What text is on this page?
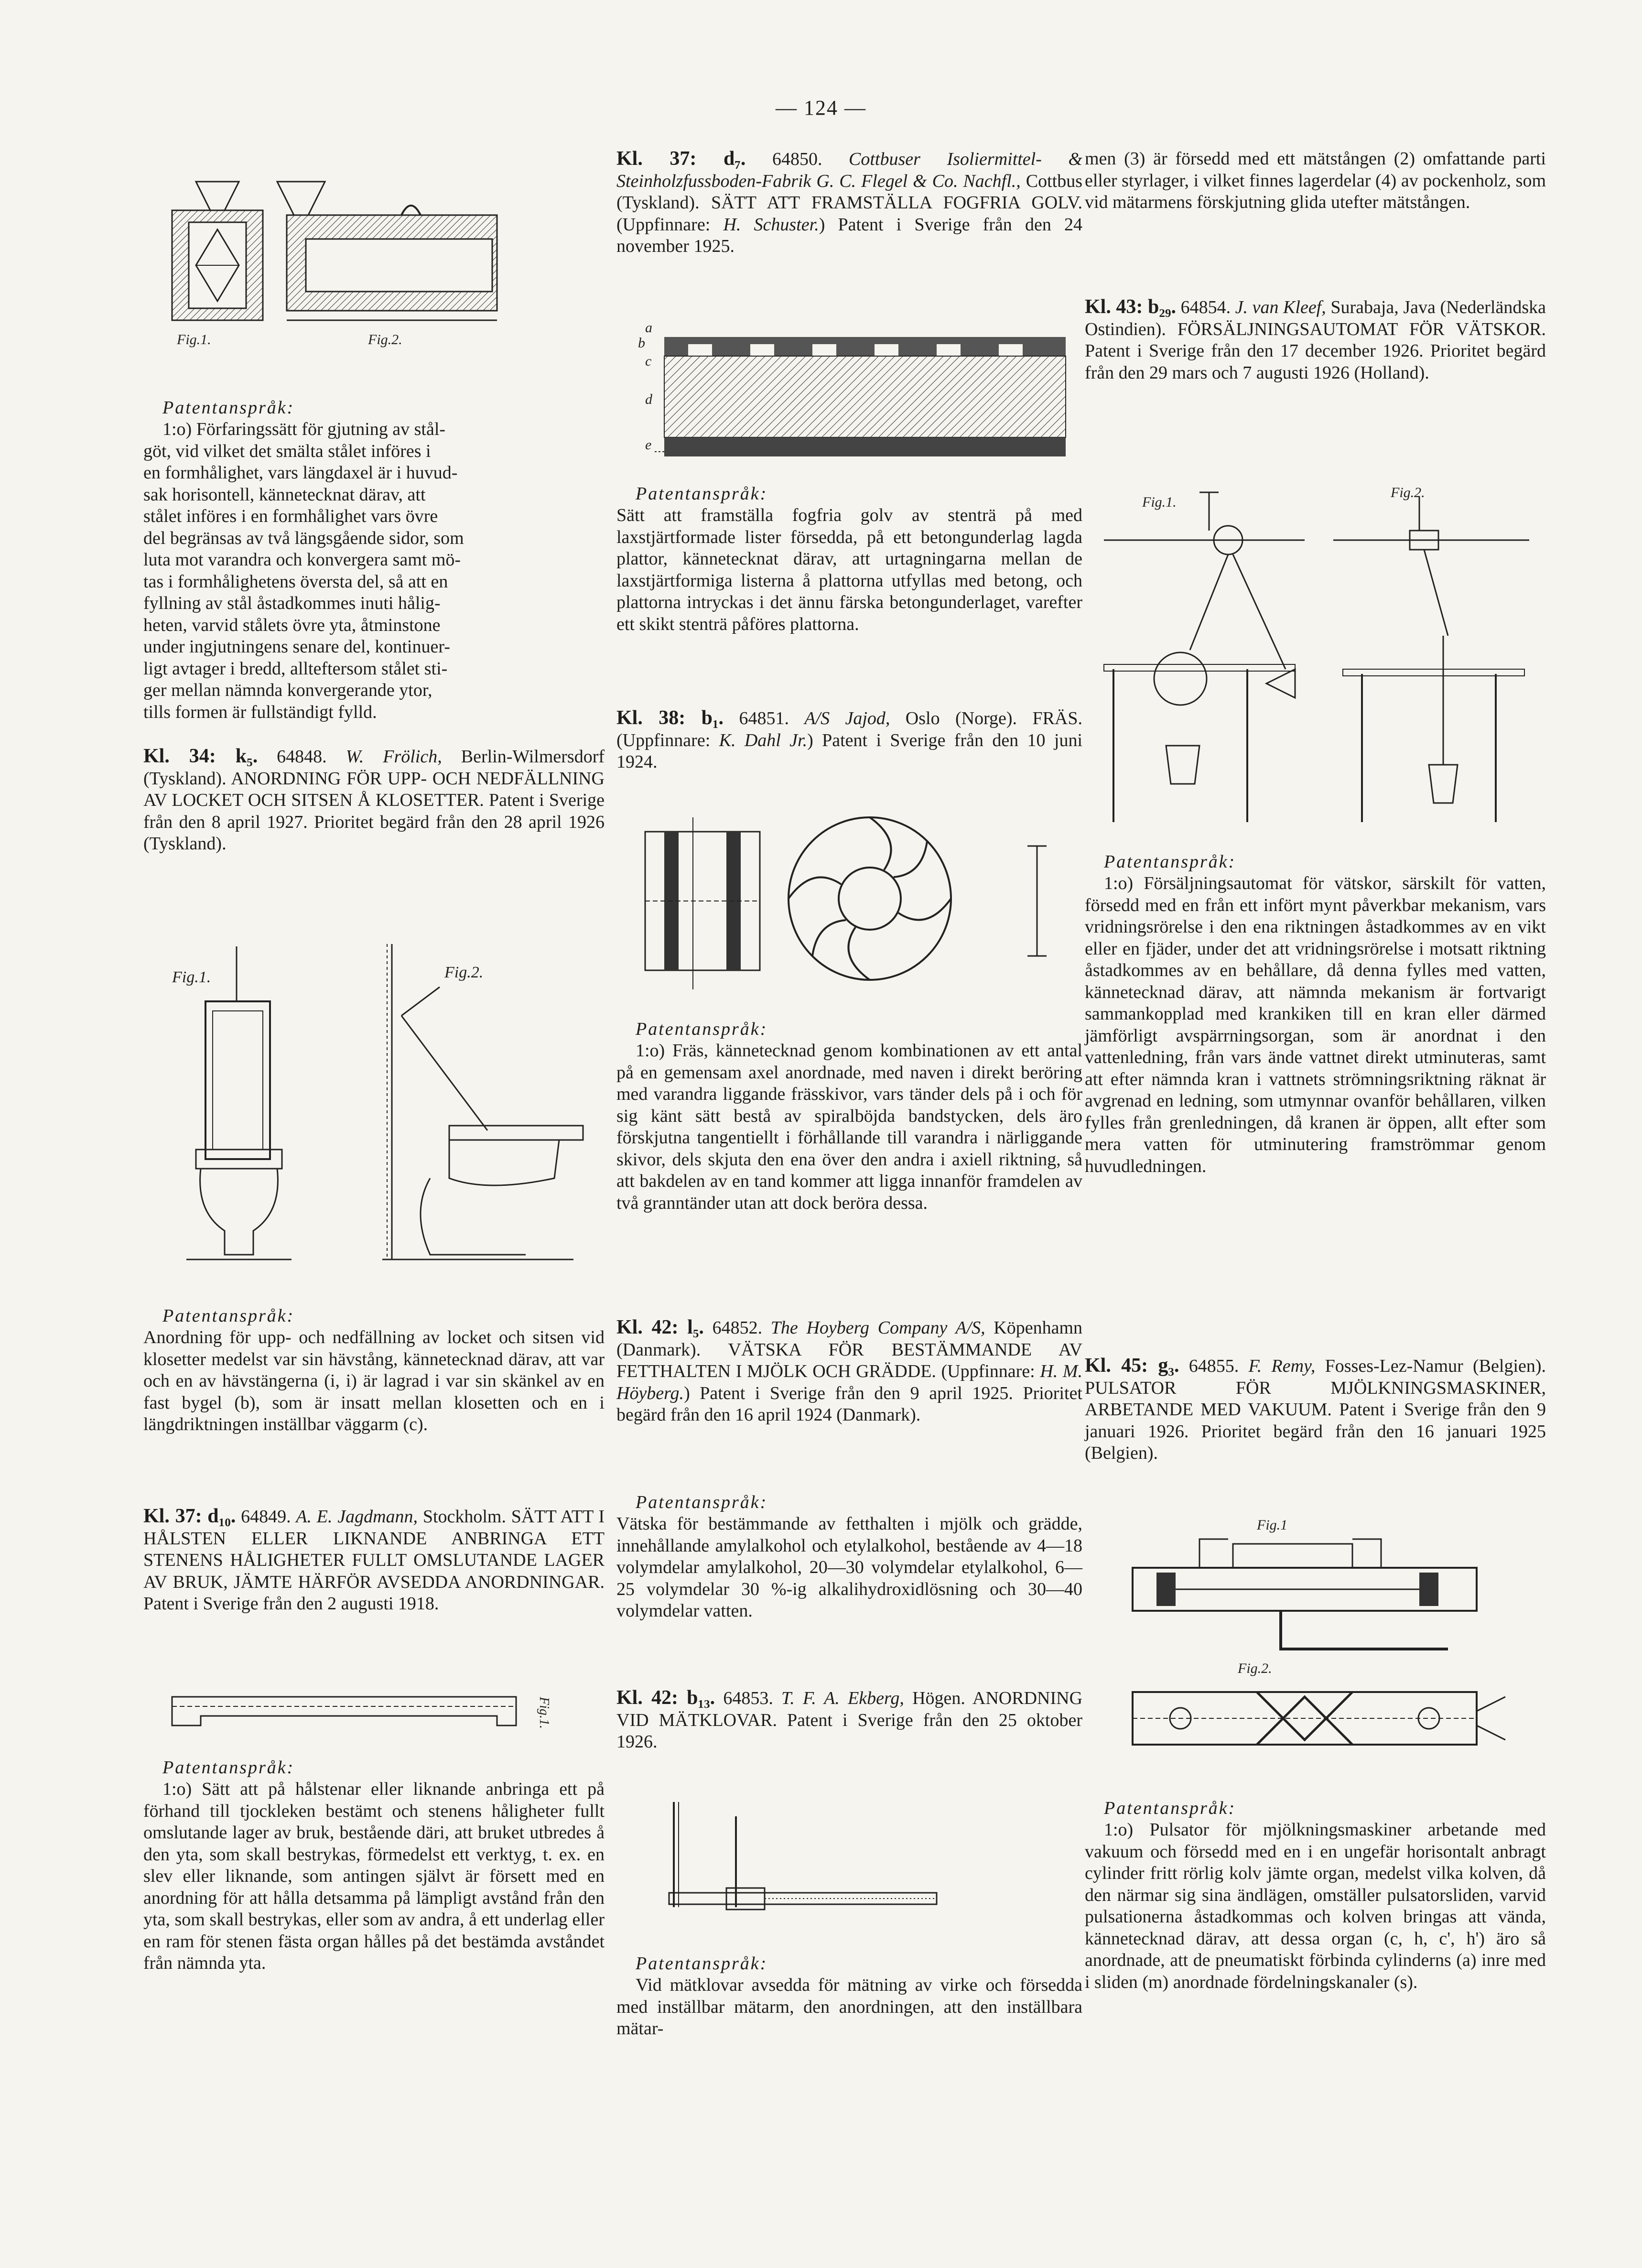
— 124 —
Fig.1.	Fig.2.

Patentanspråk:

1:o) Förfaringssätt för gjutning av stål-

göt, vid vilket det smälta stålet införes i

en formhålighet, vars längdaxel är i huvud-

sak horisontell, kännetecknat därav, att

stålet införes i en formhålighet vars övre

del begränsas av två längsgående sidor, som

luta mot varandra och konvergera samt mö-

tas i formhålighetens översta del, så att en

fyllning av stål åstadkommes inuti hålig-

heten, varvid stålets övre yta, åtminstone

under ingjutningens senare del, kontinuer-

ligt avtager i bredd, allteftersom stålet sti-

ger mellan nämnda konvergerande ytor,

tills formen är fullständigt fylld.

Kl. 34: k₅. 64848. W. Frölich, Berlin-Wilmersdorf (Tyskland). ANORDNING FÖR UPP- OCH NEDFÄLLNING AV LOCKET OCH SITSEN Å KLOSETTER. Patent i Sverige från den 8 april 1927. Prioritet begärd från den 28 april 1926 (Tyskland).

Fig.1.	Fig.2.

Patentanspråk:

Anordning för upp- och nedfällning av locket och sitsen vid klosetter medelst var sin hävstång, kännetecknad därav, att var och en av hävstängerna (i, i) är lagrad i var sin skänkel av en fast bygel (b), som är insatt mellan klosetten och en i längdriktningen inställbar väggarm (c).

Kl. 37: d₁₀. 64849. A. E. Jagdmann, Stockholm. SÄTT ATT I HÅLSTEN ELLER LIKNANDE ANBRINGA ETT STENENS HÅLIGHETER FULLT OMSLUTANDE LAGER AV BRUK, JÄMTE HÄRFÖR AVSEDDA ANORDNINGAR. Patent i Sverige från den 2 augusti 1918.

Fig.1.

Patentanspråk:

1:o) Sätt att på hålstenar eller liknande anbringa ett på förhand till tjockleken bestämt och stenens håligheter fullt omslutande lager av bruk, bestående däri, att bruket utbredes å den yta, som skall bestrykas, förmedelst ett verktyg, t. ex. en slev eller liknande, som antingen självt är försett med en anordning för att hålla detsamma på lämpligt avstånd från den yta, som skall bestrykas, eller som av andra, å ett underlag eller en ram för stenen fästa organ hålles på det bestämda avståndet från nämnda yta.

Kl. 37: d₇. 64850. Cottbuser Isoliermittel- & Steinholzfussboden-Fabrik G. C. Flegel & Co. Nachfl., Cottbus (Tyskland). SÄTT ATT FRAMSTÄLLA FOGFRIA GOLV. (Uppfinnare: H. Schuster.) Patent i Sverige från den 24 november 1925.

a
b
c
d
e

Patentanspråk:

Sätt att framställa fogfria golv av stenträ på med laxstjärtformade lister försedda, på ett betongunderlag lagda plattor, kännetecknat därav, att urtagningarna mellan de laxstjärtformiga listerna å plattorna utfyllas med betong, och plattorna intryckas i det ännu färska betongunderlaget, varefter ett skikt stenträ påföres plattorna.

Kl. 38: b₁. 64851. A/S Jajod, Oslo (Norge). FRÄS. (Uppfinnare: K. Dahl Jr.) Patent i Sverige från den 10 juni 1924.

Patentanspråk:

1:o) Fräs, kännetecknad genom kombinationen av ett antal på en gemensam axel anordnade, med naven i direkt beröring med varandra liggande frässkivor, vars tänder dels på i och för sig känt sätt bestå av spiralböjda bandstycken, dels äro förskjutna tangentiellt i förhållande till varandra i närliggande skivor, dels skjuta den ena över den andra i axiell riktning, så att bakdelen av en tand kommer att ligga innanför framdelen av två granntänder utan att dock beröra dessa.

Kl. 42: l₅. 64852. The Hoyberg Company A/S, Köpenhamn (Danmark). VÄTSKA FÖR BESTÄMMANDE AV FETTHALTEN I MJÖLK OCH GRÄDDE. (Uppfinnare: H. M. Höyberg.) Patent i Sverige från den 9 april 1925. Prioritet begärd från den 16 april 1924 (Danmark).

Patentanspråk:

Vätska för bestämmande av fetthalten i mjölk och grädde, innehållande amylalkohol och etylalkohol, bestående av 4—18 volymdelar amylalkohol, 20—30 volymdelar etylalkohol, 6—25 volymdelar 30 %-ig alkalihydroxidlösning och 30—40 volymdelar vatten.

Kl. 42: b₁₃. 64853. T. F. A. Ekberg, Högen. ANORDNING VID MÄTKLOVAR. Patent i Sverige från den 25 oktober 1926.

Patentanspråk:

Vid mätklovar avsedda för mätning av virke och försedda med inställbar mätarm, den anordningen, att den inställbara mätar-

men (3) är försedd med ett mätstången (2) omfattande parti eller styrlager, i vilket finnes lagerdelar (4) av pockenholz, som vid mätarmens förskjutning glida utefter mätstången.

Kl. 43: b₂₉. 64854. J. van Kleef, Surabaja, Java (Nederländska Ostindien). FÖRSÄLJNINGSAUTOMAT FÖR VÄTSKOR. Patent i Sverige från den 17 december 1926. Prioritet begärd från den 29 mars och 7 augusti 1926 (Holland).

Fig.1.
Fig.2.

Patentanspråk:

1:o) Försäljningsautomat för vätskor, särskilt för vatten, försedd med en från ett infört mynt påverkbar mekanism, vars vridningsrörelse i den ena riktningen åstadkommes av en vikt eller en fjäder, under det att vridningsrörelse i motsatt riktning åstadkommes av en behållare, då denna fylles med vatten, kännetecknad därav, att nämnda mekanism är fortvarigt sammankopplad med krankiken till en kran eller därmed jämförligt avspärrningsorgan, som är anordnat i den vattenledning, från vars ände vattnet direkt utminuteras, samt att efter nämnda kran i vattnets strömningsriktning räknat är avgrenad en ledning, som utmynnar ovanför behållaren, vilken fylles från grenledningen, då kranen är öppen, allt efter som mera vatten för utminutering framströmmar genom huvudledningen.

Kl. 45: g₃. 64855. F. Remy, Fosses-Lez-Namur (Belgien). PULSATOR FÖR MJÖLKNINGSMASKINER, ARBETANDE MED VAKUUM. Patent i Sverige från den 9 januari 1926. Prioritet begärd från den 16 januari 1925 (Belgien).

Fig.1
Fig.2.

Patentanspråk:

1:o) Pulsator för mjölkningsmaskiner arbetande med vakuum och försedd med en i en ungefär horisontalt anbragt cylinder fritt rörlig kolv jämte organ, medelst vilka kolven, då den närmar sig sina ändlägen, omställer pulsatorsliden, varvid pulsationerna åstadkommas och kolven bringas att vända, kännetecknad därav, att dessa organ (c, h, c', h') äro så anordnade, att de pneumatiskt förbinda cylinderns (a) inre med i sliden (m) anordnade fördelningskanaler (s).
